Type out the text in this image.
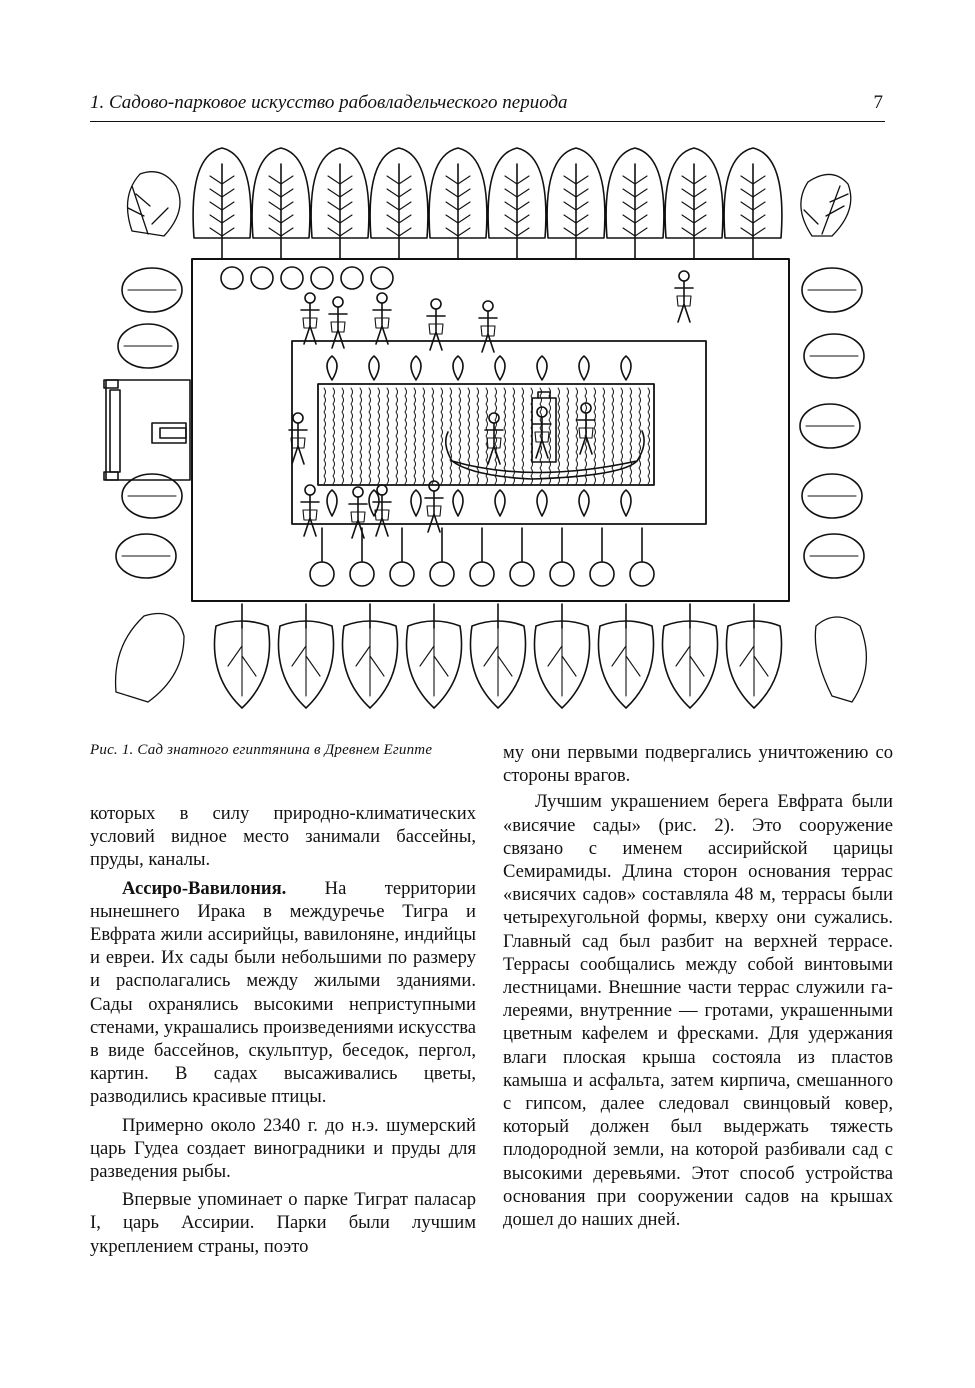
1. Садово-парковое искусство рабовладельческого периода	7
Рис. 1. Сад знатного египтянина в Древнем Египте

которых в силу природно-климатических условий видное место занимали бассейны, пруды, каналы.

Ассиро-Вавилония. На территории нынешнего Ирака в междуречье Тигра и Евфрата жили ассирийцы, вавилоняне, индийцы и евреи. Их сады были небольшими по размеру и располагались между жилыми зданиями. Сады охранялись высокими неприступными стенами, украшались произведениями искусства в виде бассейнов, скульптур, беседок, пергол, картин. В садах высаживались цветы, разводились красивые птицы.

Примерно около 2340 г. до н.э. шумерский царь Гудеа создает виноградники и пруды для разведения рыбы.

Впервые упоминает о парке Тиграт паласар I, царь Ассирии. Парки были лучшим укреплением страны, поэто

му они первыми подвергались уничтожению со стороны врагов.

Лучшим украшением берега Евфрата были «висячие сады» (рис. 2). Это сооружение связано с именем ассирийской царицы Семирамиды. Длина сторон основания террас «висячих садов» составляла 48 м, террасы были четырехугольной формы, кверху они сужались. Главный сад был разбит на верхней террасе. Террасы сообщались между собой винтовыми лестницами. Внешние части террас служили галереями, внутренние — гротами, украшенными цветным кафелем и фресками. Для удержания влаги плоская крыша состояла из пластов камыша и асфальта, затем кирпича, смешанного с гипсом, далее следовал свинцовый ковер, который должен был выдержать тяжесть плодородной земли, на которой разбивали сад с высокими деревьями. Этот способ устройства основания при сооружении садов на крышах дошел до наших дней.
